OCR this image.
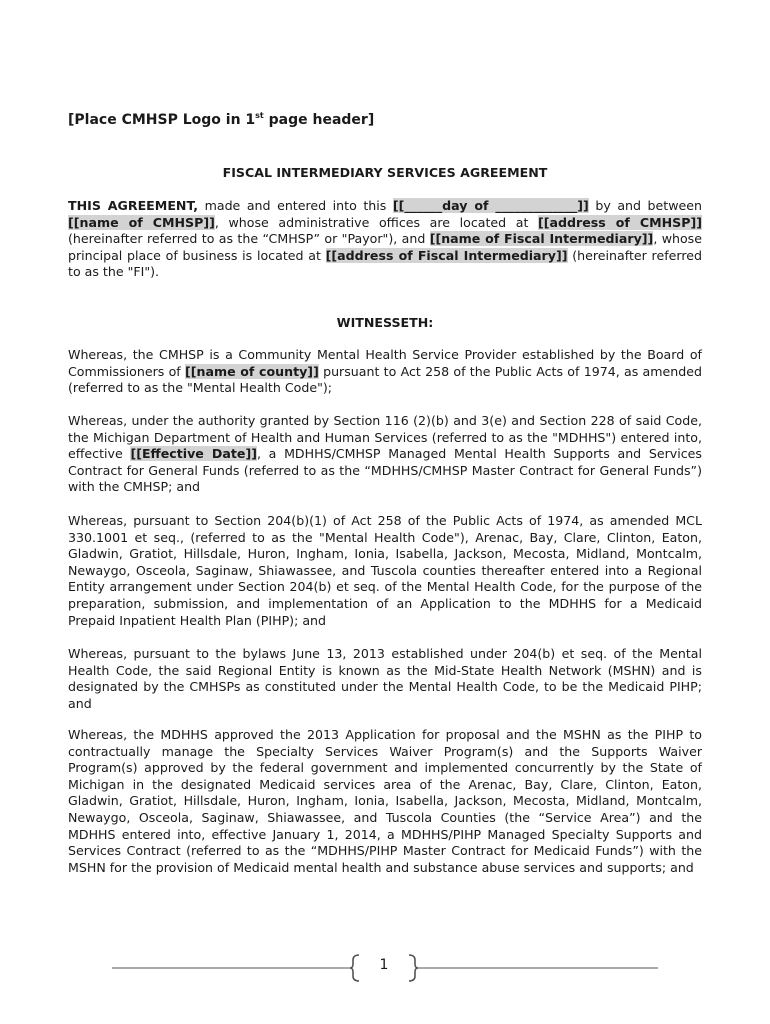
[Place CMHSP Logo in 1st page header]
FISCAL INTERMEDIARY SERVICES AGREEMENT

THIS AGREEMENT, made and entered into this [[______day of _____________]] by and between [[name of CMHSP]], whose administrative offices are located at [[address of CMHSP]] (hereinafter referred to as the “CMHSP” or "Payor"), and [[name of Fiscal Intermediary]], whose principal place of business is located at [[address of Fiscal Intermediary]] (hereinafter referred to as the "FI").

WITNESSETH:

Whereas, the CMHSP is a Community Mental Health Service Provider established by the Board of Commissioners of [[name of county]] pursuant to Act 258 of the Public Acts of 1974, as amended (referred to as the "Mental Health Code");

Whereas, under the authority granted by Section 116 (2)(b) and 3(e) and Section 228 of said Code, the Michigan Department of Health and Human Services (referred to as the "MDHHS") entered into, effective [[Effective Date]], a MDHHS/CMHSP Managed Mental Health Supports and Services Contract for General Funds (referred to as the “MDHHS/CMHSP Master Contract for General Funds”) with the CMHSP; and

Whereas, pursuant to Section 204(b)(1) of Act 258 of the Public Acts of 1974, as amended MCL 330.1001 et seq., (referred to as the "Mental Health Code"), Arenac, Bay, Clare, Clinton, Eaton, Gladwin, Gratiot, Hillsdale, Huron, Ingham, Ionia, Isabella, Jackson, Mecosta, Midland, Montcalm, Newaygo, Osceola, Saginaw, Shiawassee, and Tuscola counties thereafter entered into a Regional Entity arrangement under Section 204(b) et seq. of the Mental Health Code, for the purpose of the preparation, submission, and implementation of an Application to the MDHHS for a Medicaid Prepaid Inpatient Health Plan (PIHP); and

Whereas, pursuant to the bylaws June 13, 2013 established under 204(b) et seq. of the Mental Health Code, the said Regional Entity is known as the Mid-State Health Network (MSHN) and is designated by the CMHSPs as constituted under the Mental Health Code, to be the Medicaid PIHP; and

Whereas, the MDHHS approved the 2013 Application for proposal and the MSHN as the PIHP to contractually manage the Specialty Services Waiver Program(s) and the Supports Waiver Program(s) approved by the federal government and implemented concurrently by the State of Michigan in the designated Medicaid services area of the Arenac, Bay, Clare, Clinton, Eaton, Gladwin, Gratiot, Hillsdale, Huron, Ingham, Ionia, Isabella, Jackson, Mecosta, Midland, Montcalm, Newaygo, Osceola, Saginaw, Shiawassee, and Tuscola Counties (the “Service Area”) and the MDHHS entered into, effective January 1, 2014, a MDHHS/PIHP Managed Specialty Supports and Services Contract (referred to as the “MDHHS/PIHP Master Contract for Medicaid Funds”) with the MSHN for the provision of Medicaid mental health and substance abuse services and supports; and

1
